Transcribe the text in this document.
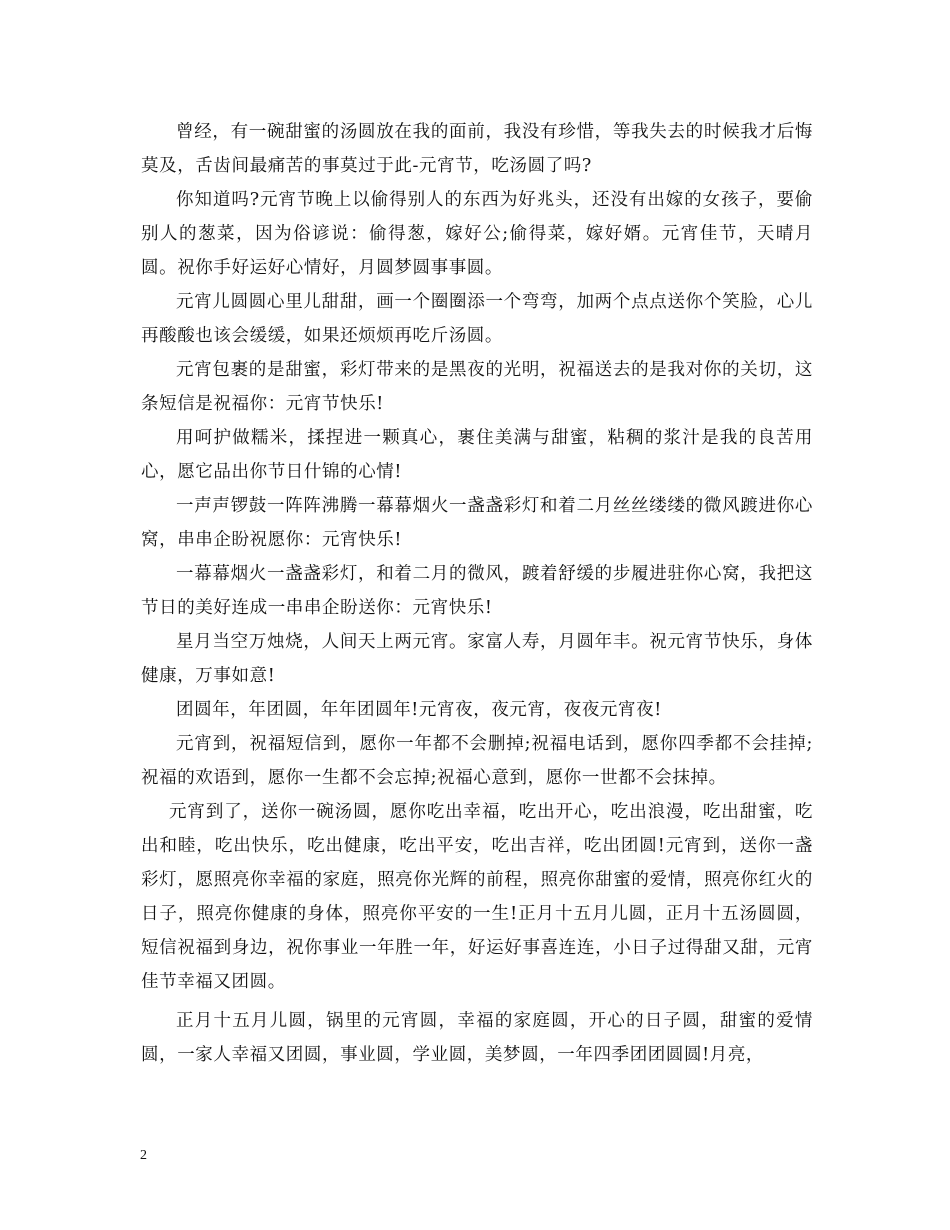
曾经，有一碗甜蜜的汤圆放在我的面前，我没有珍惜，等我失去的时候我才后悔莫及，舌齿间最痛苦的事莫过于此-元宵节，吃汤圆了吗?

你知道吗?元宵节晚上以偷得别人的东西为好兆头，还没有出嫁的女孩子，要偷别人的葱菜，因为俗谚说：偷得葱，嫁好公;偷得菜，嫁好婿。元宵佳节，天晴月圆。祝你手好运好心情好，月圆梦圆事事圆。

元宵儿圆圆心里儿甜甜，画一个圈圈添一个弯弯，加两个点点送你个笑脸，心儿再酸酸也该会缓缓，如果还烦烦再吃斤汤圆。

元宵包裹的是甜蜜，彩灯带来的是黑夜的光明，祝福送去的是我对你的关切，这条短信是祝福你：元宵节快乐!

用呵护做糯米，揉捏进一颗真心，裹住美满与甜蜜，粘稠的浆汁是我的良苦用心，愿它品出你节日什锦的心情!

一声声锣鼓一阵阵沸腾一幕幕烟火一盏盏彩灯和着二月丝丝缕缕的微风踱进你心窝，串串企盼祝愿你：元宵快乐!

一幕幕烟火一盏盏彩灯，和着二月的微风，踱着舒缓的步履进驻你心窝，我把这节日的美好连成一串串企盼送你：元宵快乐!

星月当空万烛烧，人间天上两元宵。家富人寿，月圆年丰。祝元宵节快乐，身体健康，万事如意!

团圆年，年团圆，年年团圆年!元宵夜，夜元宵，夜夜元宵夜!

元宵到，祝福短信到，愿你一年都不会删掉;祝福电话到，愿你四季都不会挂掉;祝福的欢语到，愿你一生都不会忘掉;祝福心意到，愿你一世都不会抹掉。

元宵到了，送你一碗汤圆，愿你吃出幸福，吃出开心，吃出浪漫，吃出甜蜜，吃出和睦，吃出快乐，吃出健康，吃出平安，吃出吉祥，吃出团圆!元宵到，送你一盏彩灯，愿照亮你幸福的家庭，照亮你光辉的前程，照亮你甜蜜的爱情，照亮你红火的日子，照亮你健康的身体，照亮你平安的一生!正月十五月儿圆，正月十五汤圆圆，短信祝福到身边，祝你事业一年胜一年，好运好事喜连连，小日子过得甜又甜，元宵佳节幸福又团圆。

正月十五月儿圆，锅里的元宵圆，幸福的家庭圆，开心的日子圆，甜蜜的爱情圆，一家人幸福又团圆，事业圆，学业圆，美梦圆，一年四季团团圆圆!月亮，

2
